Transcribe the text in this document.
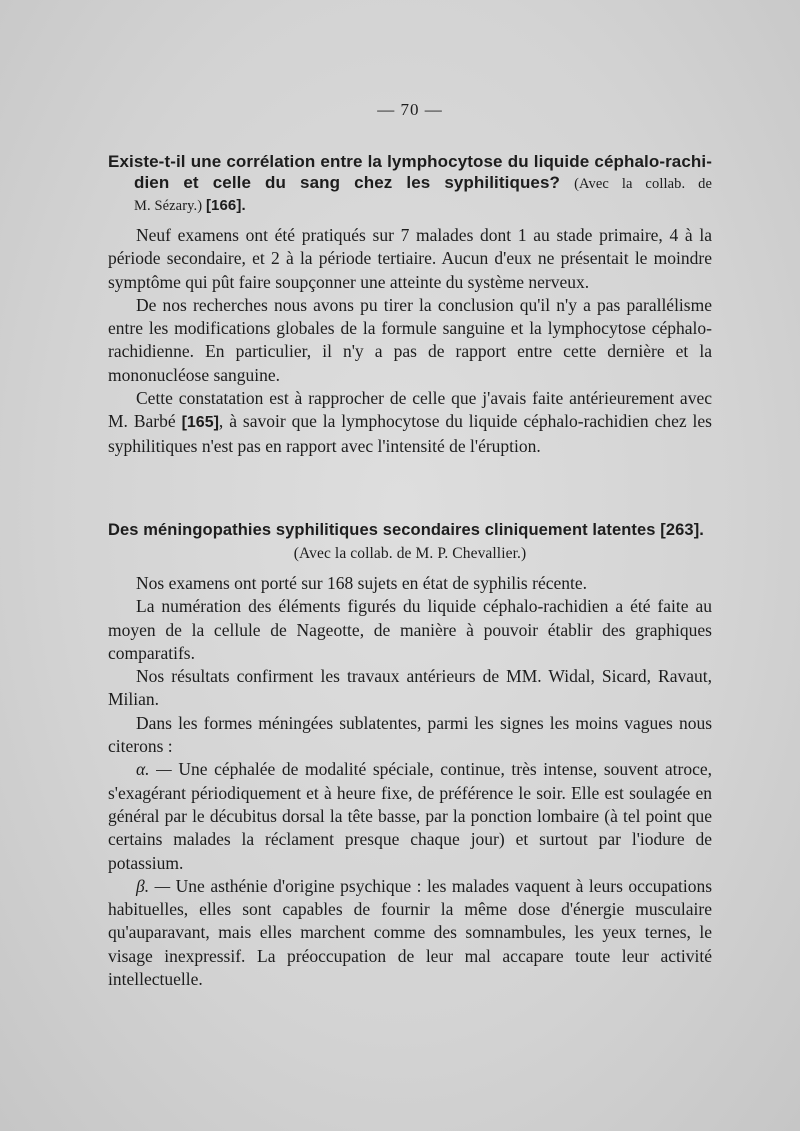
— 70 —
Existe-t-il une corrélation entre la lymphocytose du liquide céphalo-rachi-
dien et celle du sang chez les syphilitiques? (Avec la collab. de
M. Sézary.) [166].

Neuf examens ont été pratiqués sur 7 malades dont 1 au stade primaire, 4 à la période secondaire, et 2 à la période tertiaire. Aucun d'eux ne présentait le moindre symptôme qui pût faire soupçonner une atteinte du système nerveux.

De nos recherches nous avons pu tirer la conclusion qu'il n'y a pas parallélisme entre les modifications globales de la formule sanguine et la lymphocytose céphalo-rachidienne. En particulier, il n'y a pas de rapport entre cette dernière et la mononucléose sanguine.

Cette constatation est à rapprocher de celle que j'avais faite antérieurement avec M. Barbé [165], à savoir que la lymphocytose du liquide céphalo-rachidien chez les syphilitiques n'est pas en rapport avec l'intensité de l'éruption.

Des méningopathies syphilitiques secondaires cliniquement latentes [263].
(Avec la collab. de M. P. Chevallier.)

Nos examens ont porté sur 168 sujets en état de syphilis récente.

La numération des éléments figurés du liquide céphalo-rachidien a été faite au moyen de la cellule de Nageotte, de manière à pouvoir établir des graphiques comparatifs.

Nos résultats confirment les travaux antérieurs de MM. Widal, Sicard, Ravaut, Milian.

Dans les formes méningées sublatentes, parmi les signes les moins vagues nous citerons :

α. — Une céphalée de modalité spéciale, continue, très intense, souvent atroce, s'exagérant périodiquement et à heure fixe, de préférence le soir. Elle est soulagée en général par le décubitus dorsal la tête basse, par la ponction lombaire (à tel point que certains malades la réclament presque chaque jour) et surtout par l'iodure de potassium.

β. — Une asthénie d'origine psychique : les malades vaquent à leurs occupations habituelles, elles sont capables de fournir la même dose d'énergie musculaire qu'auparavant, mais elles marchent comme des somnambules, les yeux ternes, le visage inexpressif. La préoccupation de leur mal accapare toute leur activité intellectuelle.
